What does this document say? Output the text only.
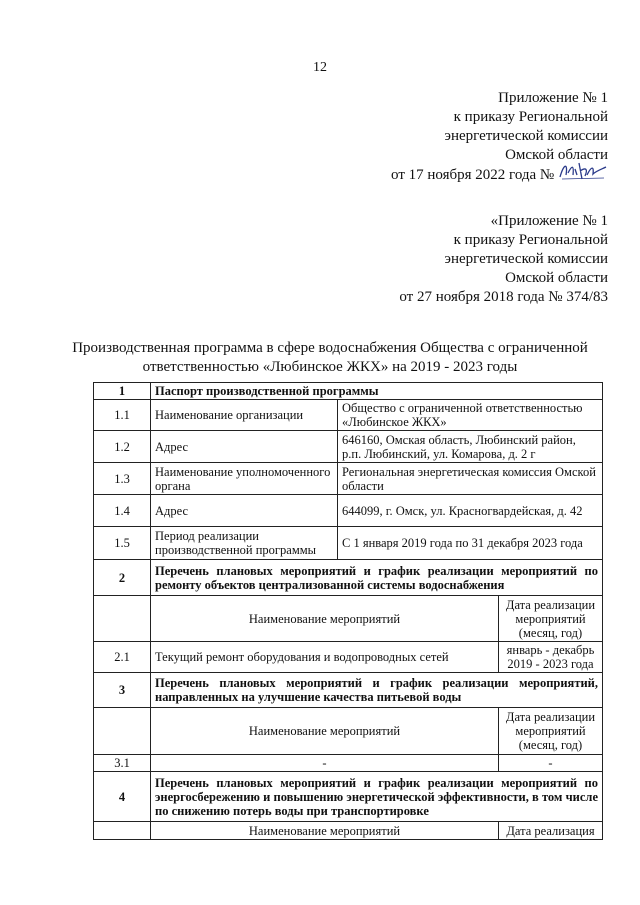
12
Приложение № 1
к приказу Региональной
энергетической комиссии
Омской области
от 17 ноября 2022 года №
«Приложение № 1
к приказу Региональной
энергетической комиссии
Омской области
от 27 ноября 2018 года № 374/83
Производственная программа в сфере водоснабжения Общества с ограниченной ответственностью «Любинское ЖКХ» на 2019 - 2023 годы
1	Паспорт производственной программы		
1.1	Наименование организации	Общество с ограниченной ответственностью «Любинское ЖКХ»	
1.2	Адрес	646160, Омская область, Любинский район, р.п. Любинский, ул. Комарова, д. 2 г	
1.3	Наименование уполномоченного органа	Региональная энергетическая комиссия Омской области	
1.4	Адрес	644099, г. Омск, ул. Красногвардейская, д. 42	
1.5	Период реализации производственной программы	С 1 января 2019 года по 31 декабря 2023 года	
2	Перечень плановых мероприятий и график реализации мероприятий по ремонту объектов централизованной системы водоснабжения		
	Наименование мероприятий		Дата реализации мероприятий (месяц, год)
2.1	Текущий ремонт оборудования и водопроводных сетей		январь - декабрь 2019 - 2023 года
3	Перечень плановых мероприятий и график реализации мероприятий, направленных на улучшение качества питьевой воды		
	Наименование мероприятий		Дата реализации мероприятий (месяц, год)
3.1	-		-
4	Перечень плановых мероприятий и график реализации мероприятий по энергосбережению и повышению энергетической эффективности, в том числе по снижению потерь воды при транспортировке		
	Наименование мероприятий		Дата реализация
